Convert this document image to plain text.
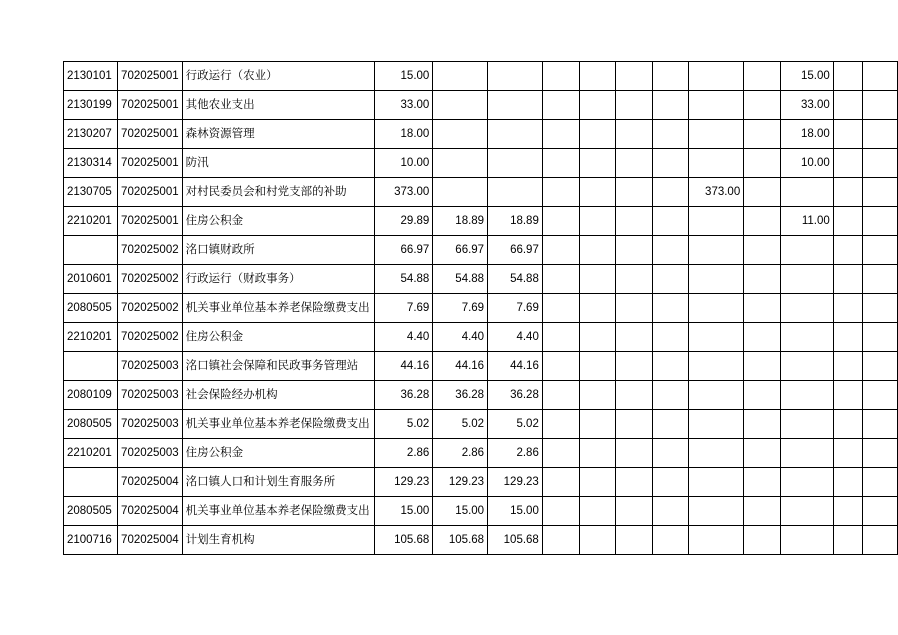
2130101	702025001	行政运行（农业）	15.00									15.00		
2130199	702025001	其他农业支出	33.00									33.00		
2130207	702025001	森林资源管理	18.00									18.00		
2130314	702025001	防汛	10.00									10.00		
2130705	702025001	对村民委员会和村党支部的补助	373.00							373.00				
2210201	702025001	住房公积金	29.89	18.89	18.89							11.00		
	702025002	洺口镇财政所	66.97	66.97	66.97									
2010601	702025002	行政运行（财政事务）	54.88	54.88	54.88									
2080505	702025002	机关事业单位基本养老保险缴费支出	7.69	7.69	7.69									
2210201	702025002	住房公积金	4.40	4.40	4.40									
	702025003	洺口镇社会保障和民政事务管理站	44.16	44.16	44.16									
2080109	702025003	社会保险经办机构	36.28	36.28	36.28									
2080505	702025003	机关事业单位基本养老保险缴费支出	5.02	5.02	5.02									
2210201	702025003	住房公积金	2.86	2.86	2.86									
	702025004	洺口镇人口和计划生育服务所	129.23	129.23	129.23									
2080505	702025004	机关事业单位基本养老保险缴费支出	15.00	15.00	15.00									
2100716	702025004	计划生育机构	105.68	105.68	105.68									
